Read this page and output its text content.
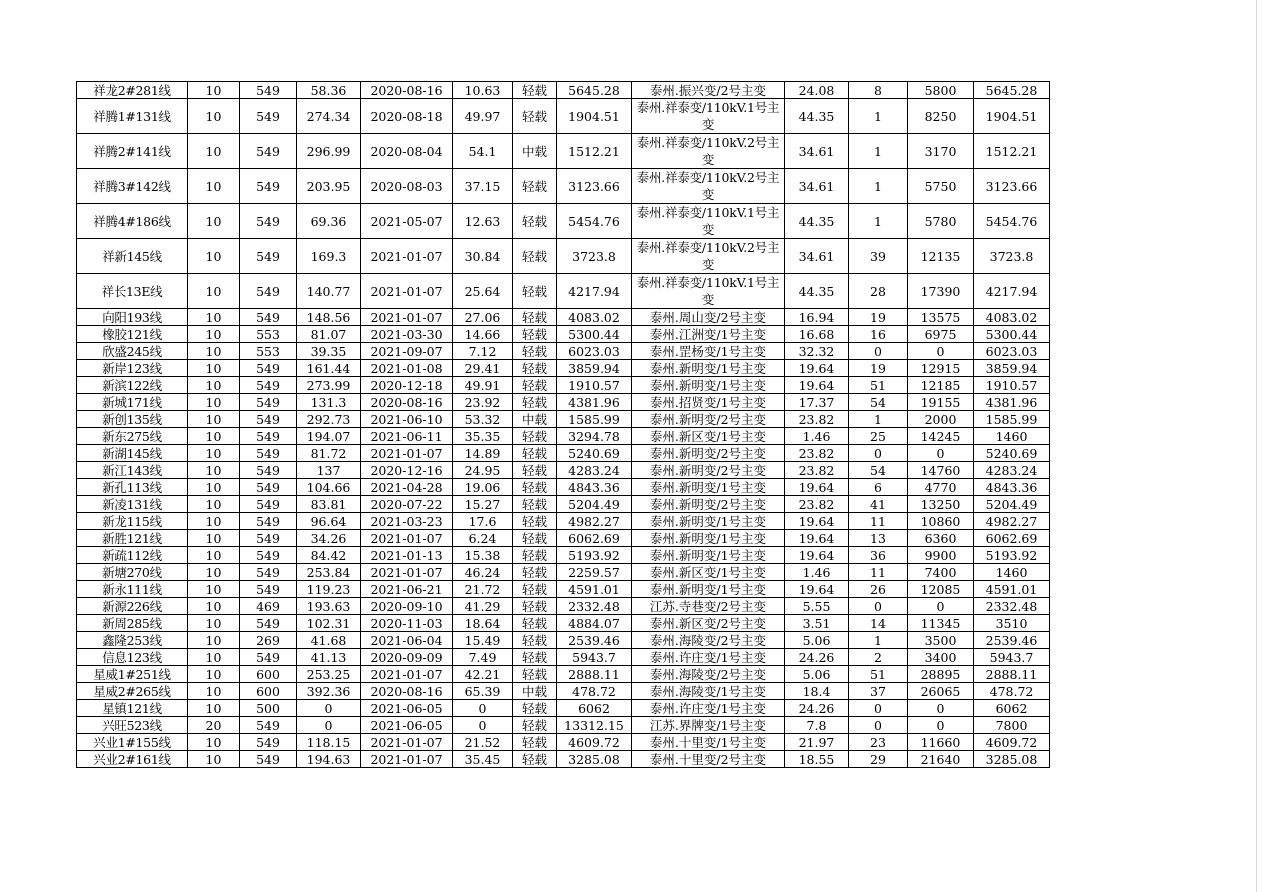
祥龙2#281线	10	549	58.36	2020-08-16	10.63	轻载	5645.28	泰州.振兴变/2号主变	24.08	8	5800	5645.28
祥腾1#131线	10	549	274.34	2020-08-18	49.97	轻载	1904.51	泰州.祥泰变/110kV.1号主变	44.35	1	8250	1904.51
祥腾2#141线	10	549	296.99	2020-08-04	54.1	中载	1512.21	泰州.祥泰变/110kV.2号主变	34.61	1	3170	1512.21
祥腾3#142线	10	549	203.95	2020-08-03	37.15	轻载	3123.66	泰州.祥泰变/110kV.2号主变	34.61	1	5750	3123.66
祥腾4#186线	10	549	69.36	2021-05-07	12.63	轻载	5454.76	泰州.祥泰变/110kV.1号主变	44.35	1	5780	5454.76
祥新145线	10	549	169.3	2021-01-07	30.84	轻载	3723.8	泰州.祥泰变/110kV.2号主变	34.61	39	12135	3723.8
祥长13E线	10	549	140.77	2021-01-07	25.64	轻载	4217.94	泰州.祥泰变/110kV.1号主变	44.35	28	17390	4217.94
向阳193线	10	549	148.56	2021-01-07	27.06	轻载	4083.02	泰州.周山变/2号主变	16.94	19	13575	4083.02
橡胶121线	10	553	81.07	2021-03-30	14.66	轻载	5300.44	泰州.江洲变/1号主变	16.68	16	6975	5300.44
欣盛245线	10	553	39.35	2021-09-07	7.12	轻载	6023.03	泰州.罡杨变/1号主变	32.32	0	0	6023.03
新岸123线	10	549	161.44	2021-01-08	29.41	轻载	3859.94	泰州.新明变/1号主变	19.64	19	12915	3859.94
新滨122线	10	549	273.99	2020-12-18	49.91	轻载	1910.57	泰州.新明变/1号主变	19.64	51	12185	1910.57
新城171线	10	549	131.3	2020-08-16	23.92	轻载	4381.96	泰州.招贤变/1号主变	17.37	54	19155	4381.96
新创135线	10	549	292.73	2021-06-10	53.32	中载	1585.99	泰州.新明变/2号主变	23.82	1	2000	1585.99
新东275线	10	549	194.07	2021-06-11	35.35	轻载	3294.78	泰州.新区变/1号主变	1.46	25	14245	1460
新湖145线	10	549	81.72	2021-01-07	14.89	轻载	5240.69	泰州.新明变/2号主变	23.82	0	0	5240.69
新江143线	10	549	137	2020-12-16	24.95	轻载	4283.24	泰州.新明变/2号主变	23.82	54	14760	4283.24
新孔113线	10	549	104.66	2021-04-28	19.06	轻载	4843.36	泰州.新明变/1号主变	19.64	6	4770	4843.36
新凌131线	10	549	83.81	2020-07-22	15.27	轻载	5204.49	泰州.新明变/2号主变	23.82	41	13250	5204.49
新龙115线	10	549	96.64	2021-03-23	17.6	轻载	4982.27	泰州.新明变/1号主变	19.64	11	10860	4982.27
新胜121线	10	549	34.26	2021-01-07	6.24	轻载	6062.69	泰州.新明变/1号主变	19.64	13	6360	6062.69
新疏112线	10	549	84.42	2021-01-13	15.38	轻载	5193.92	泰州.新明变/1号主变	19.64	36	9900	5193.92
新塘270线	10	549	253.84	2021-01-07	46.24	轻载	2259.57	泰州.新区变/1号主变	1.46	11	7400	1460
新永111线	10	549	119.23	2021-06-21	21.72	轻载	4591.01	泰州.新明变/1号主变	19.64	26	12085	4591.01
新源226线	10	469	193.63	2020-09-10	41.29	轻载	2332.48	江苏.寺巷变/2号主变	5.55	0	0	2332.48
新周285线	10	549	102.31	2020-11-03	18.64	轻载	4884.07	泰州.新区变/2号主变	3.51	14	11345	3510
鑫隆253线	10	269	41.68	2021-06-04	15.49	轻载	2539.46	泰州.海陵变/2号主变	5.06	1	3500	2539.46
信息123线	10	549	41.13	2020-09-09	7.49	轻载	5943.7	泰州.许庄变/1号主变	24.26	2	3400	5943.7
星威1#251线	10	600	253.25	2021-01-07	42.21	轻载	2888.11	泰州.海陵变/2号主变	5.06	51	28895	2888.11
星威2#265线	10	600	392.36	2020-08-16	65.39	中载	478.72	泰州.海陵变/1号主变	18.4	37	26065	478.72
星镇121线	10	500	0	2021-06-05	0	轻载	6062	泰州.许庄变/1号主变	24.26	0	0	6062
兴旺523线	20	549	0	2021-06-05	0	轻载	13312.15	江苏.界牌变/1号主变	7.8	0	0	7800
兴业1#155线	10	549	118.15	2021-01-07	21.52	轻载	4609.72	泰州.十里变/1号主变	21.97	23	11660	4609.72
兴业2#161线	10	549	194.63	2021-01-07	35.45	轻载	3285.08	泰州.十里变/2号主变	18.55	29	21640	3285.08
